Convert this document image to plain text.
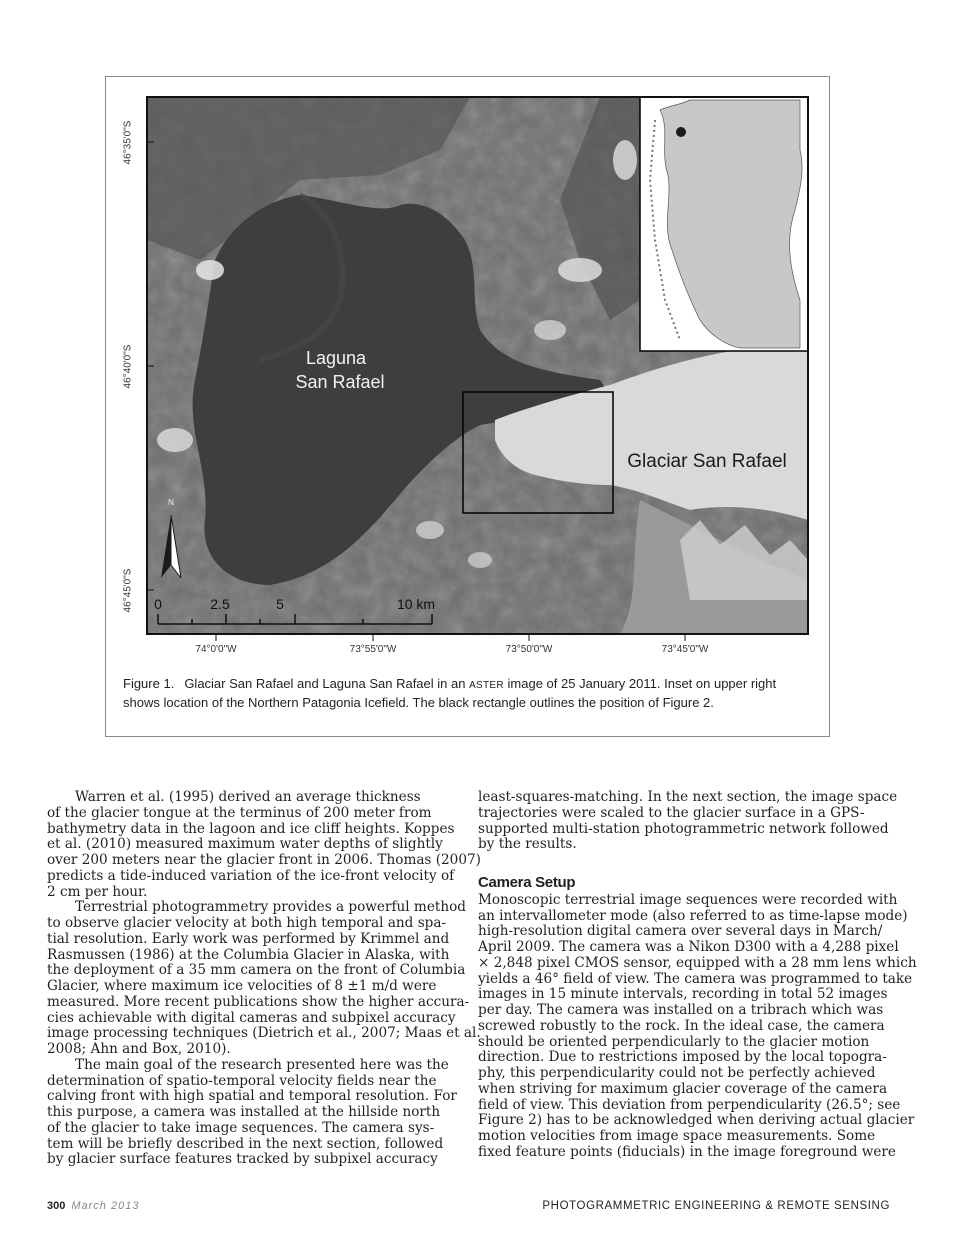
Laguna
San Rafael
Glaciar San Rafael
N
0	2.5	5	10 km
46°35'0"S
46°40'0"S
46°45'0"S
74°0'0"W	73°55'0"W	73°50'0"W	73°45'0"W
Figure 1. Glaciar San Rafael and Laguna San Rafael in an ASTER image of 25 January 2011. Inset on upper right shows location of the Northern Patagonia Icefield. The black rectangle outlines the position of Figure 2.

Warren et al. (1995) derived an average thickness
of the glacier tongue at the terminus of 200 meter from
bathymetry data in the lagoon and ice cliff heights. Koppes
et al. (2010) measured maximum water depths of slightly
over 200 meters near the glacier front in 2006. Thomas (2007)
predicts a tide-induced variation of the ice-front velocity of
2 cm per hour.

Terrestrial photogrammetry provides a powerful method
to observe glacier velocity at both high temporal and spa-
tial resolution. Early work was performed by Krimmel and
Rasmussen (1986) at the Columbia Glacier in Alaska, with
the deployment of a 35 mm camera on the front of Columbia
Glacier, where maximum ice velocities of 8 ±1 m/d were
measured. More recent publications show the higher accura-
cies achievable with digital cameras and subpixel accuracy
image processing techniques (Dietrich et al., 2007; Maas et al.
2008; Ahn and Box, 2010).

The main goal of the research presented here was the
determination of spatio-temporal velocity fields near the
calving front with high spatial and temporal resolution. For
this purpose, a camera was installed at the hillside north
of the glacier to take image sequences. The camera sys-
tem will be briefly described in the next section, followed
by glacier surface features tracked by subpixel accuracy

least-squares-matching. In the next section, the image space
trajectories were scaled to the glacier surface in a GPS-
supported multi-station photogrammetric network followed
by the results.

Camera Setup

Monoscopic terrestrial image sequences were recorded with
an intervallometer mode (also referred to as time-lapse mode)
high-resolution digital camera over several days in March/
April 2009. The camera was a Nikon D300 with a 4,288 pixel
× 2,848 pixel CMOS sensor, equipped with a 28 mm lens which
yields a 46° field of view. The camera was programmed to take
images in 15 minute intervals, recording in total 52 images
per day. The camera was installed on a tribrach which was
screwed robustly to the rock. In the ideal case, the camera
should be oriented perpendicularly to the glacier motion
direction. Due to restrictions imposed by the local topogra-
phy, this perpendicularity could not be perfectly achieved
when striving for maximum glacier coverage of the camera
field of view. This deviation from perpendicularity (26.5°; see
Figure 2) has to be acknowledged when deriving actual glacier
motion velocities from image space measurements. Some
fixed feature points (fiducials) in the image foreground were

300 March 2013	PHOTOGRAMMETRIC ENGINEERING & REMOTE SENSING
